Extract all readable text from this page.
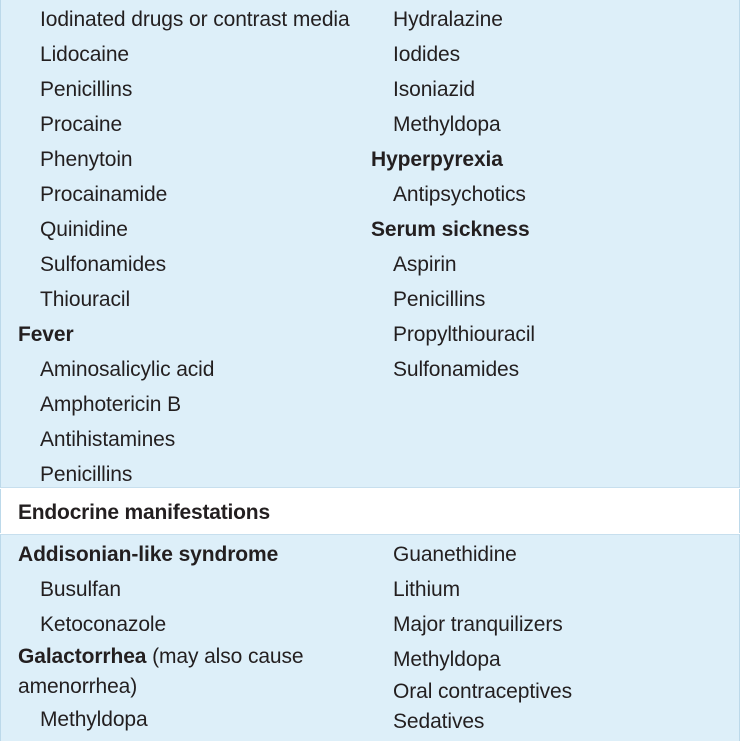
Iodinated drugs or contrast media
Lidocaine
Penicillins
Procaine
Phenytoin
Procainamide
Quinidine
Sulfonamides
Thiouracil
Fever
Aminosalicylic acid
Amphotericin B
Antihistamines
Penicillins
Hydralazine
Iodides
Isoniazid
Methyldopa
Hyperpyrexia
Antipsychotics
Serum sickness
Aspirin
Penicillins
Propylthiouracil
Sulfonamides
Endocrine manifestations
Addisonian-like syndrome
Busulfan
Ketoconazole
Galactorrhea (may also cause
amenorrhea)
Methyldopa
Guanethidine
Lithium
Major tranquilizers
Methyldopa
Oral contraceptives
Sedatives
